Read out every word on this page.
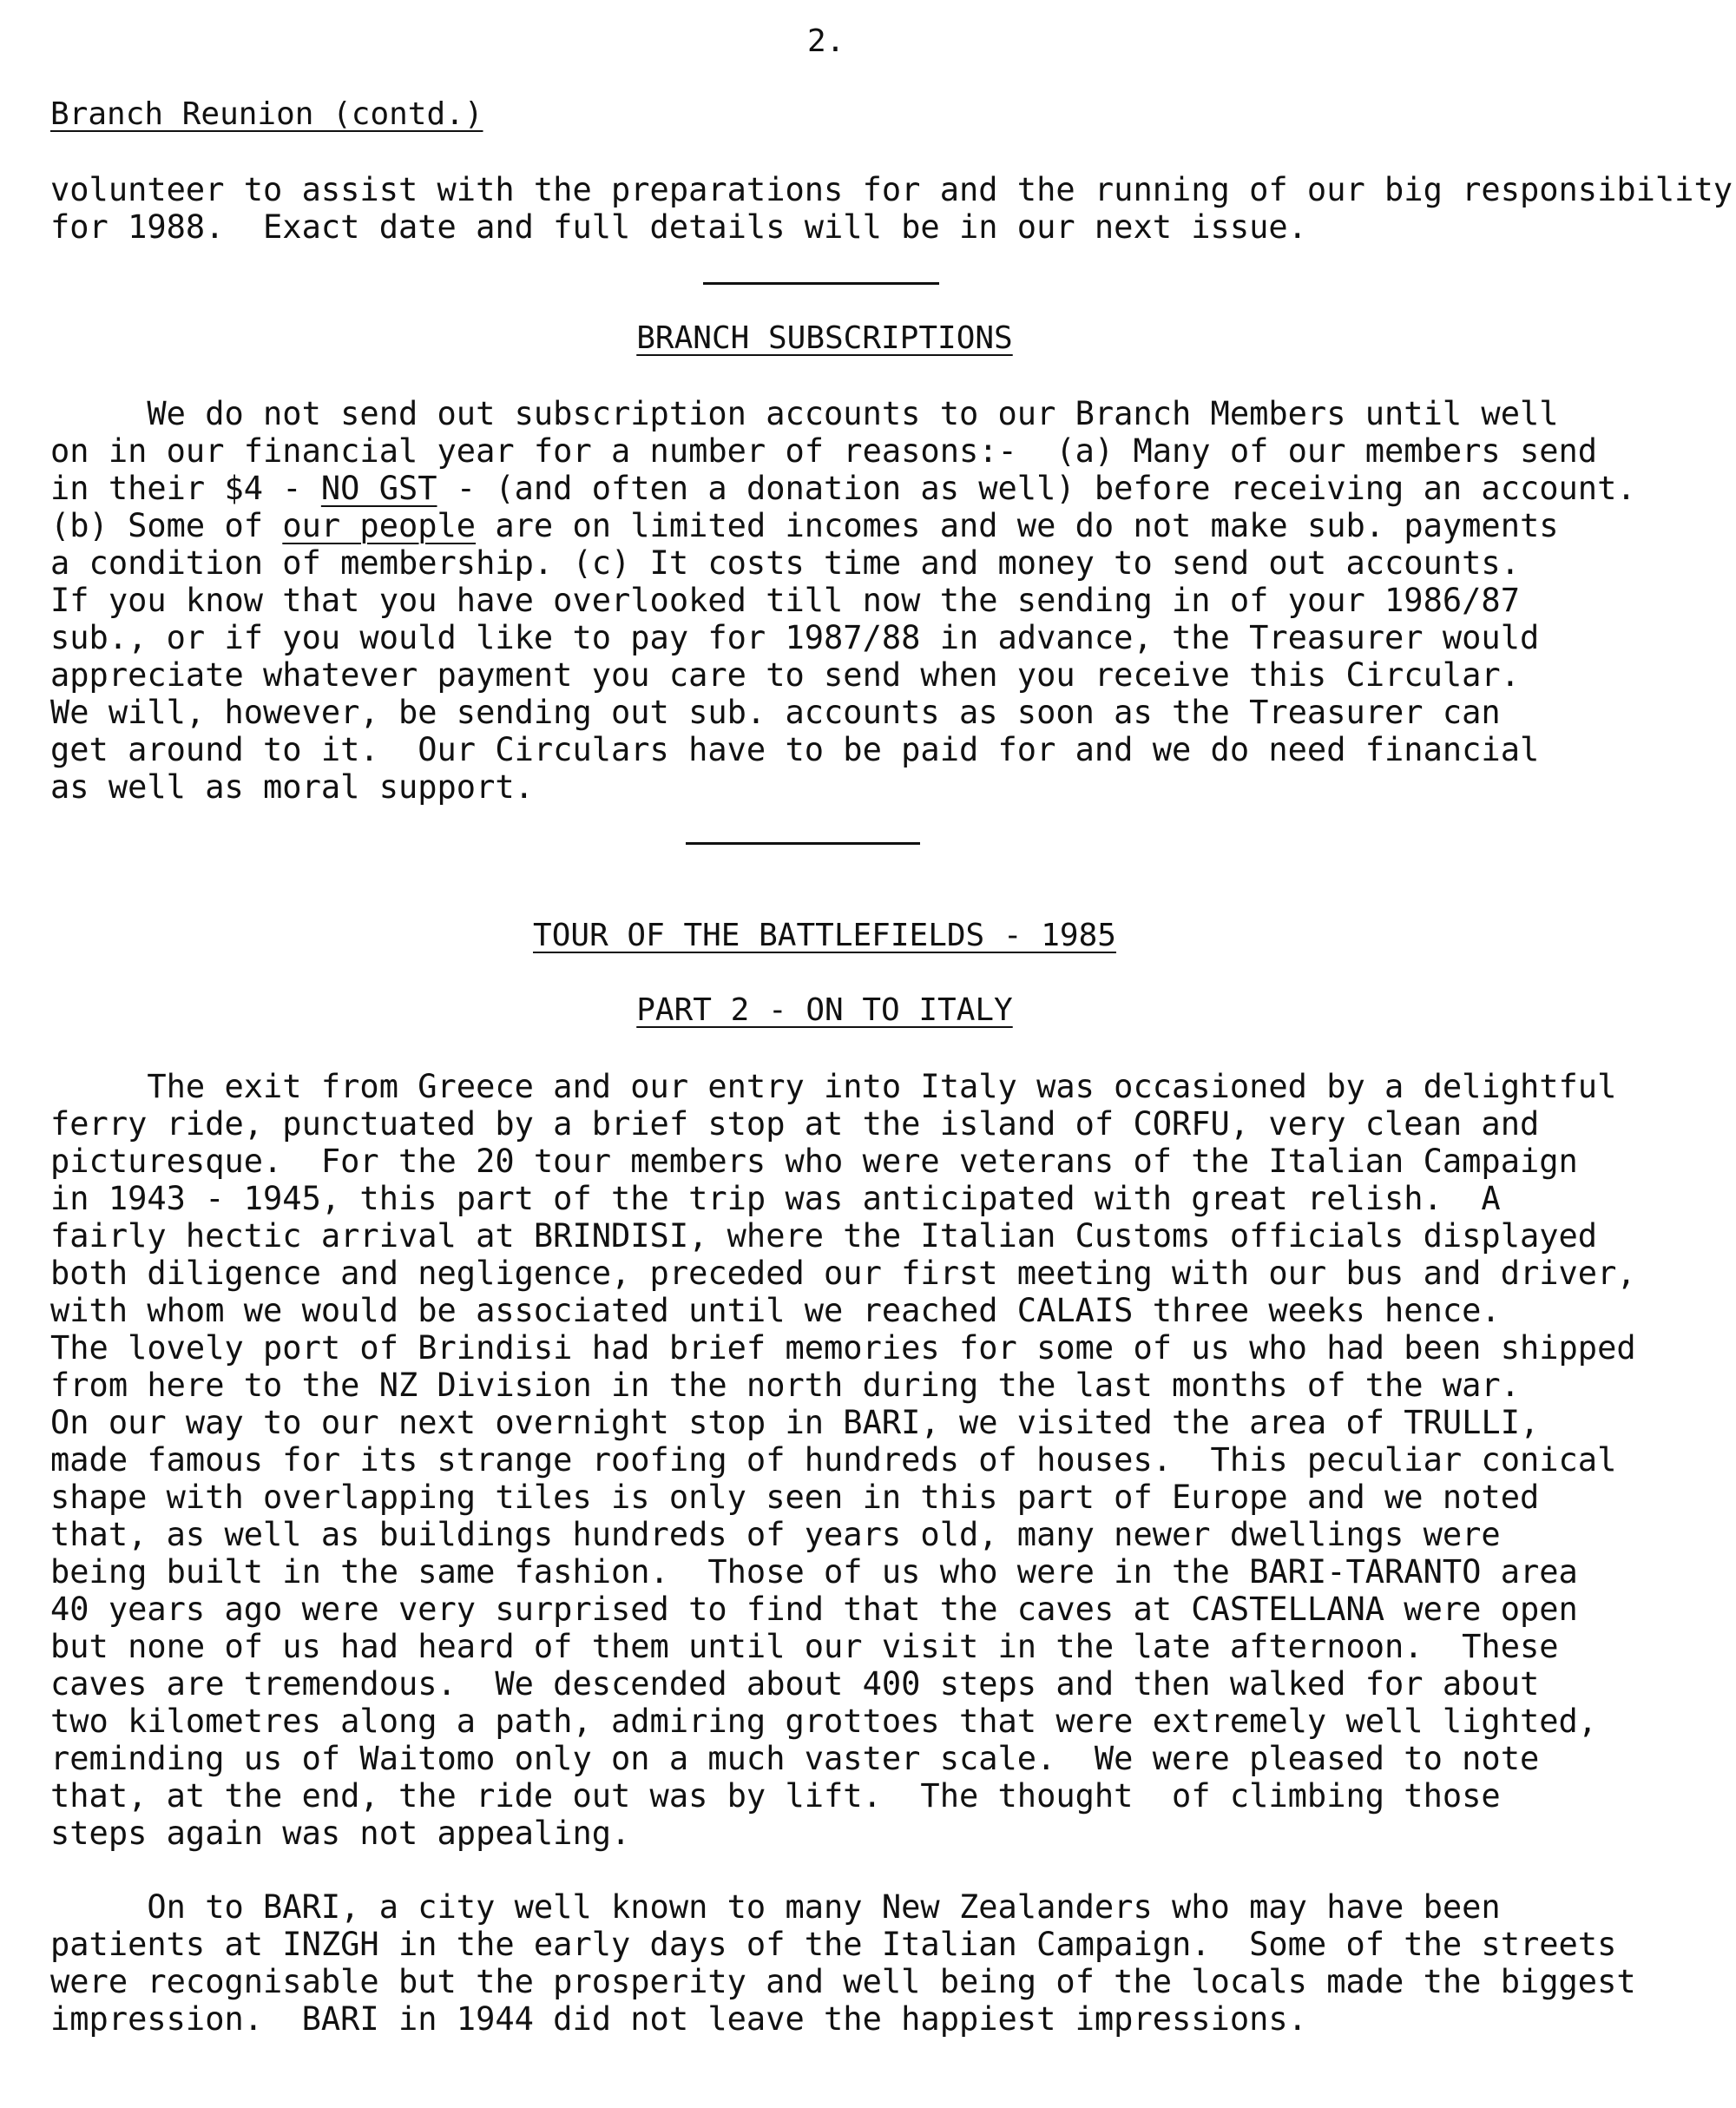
2.
Branch Reunion (contd.)
volunteer to assist with the preparations for and the running of our big responsibility
for 1988.  Exact date and full details will be in our next issue.
BRANCH SUBSCRIPTIONS
We do not send out subscription accounts to our Branch Members until well
on in our financial year for a number of reasons:-  (a) Many of our members send
in their $4 - NO GST - (and often a donation as well) before receiving an account.
(b) Some of our people are on limited incomes and we do not make sub. payments
a condition of membership. (c) It costs time and money to send out accounts.
If you know that you have overlooked till now the sending in of your 1986/87
sub., or if you would like to pay for 1987/88 in advance, the Treasurer would
appreciate whatever payment you care to send when you receive this Circular.
We will, however, be sending out sub. accounts as soon as the Treasurer can
get around to it.  Our Circulars have to be paid for and we do need financial
as well as moral support.
TOUR OF THE BATTLEFIELDS - 1985
PART 2 - ON TO ITALY
The exit from Greece and our entry into Italy was occasioned by a delightful
ferry ride, punctuated by a brief stop at the island of CORFU, very clean and
picturesque.  For the 20 tour members who were veterans of the Italian Campaign
in 1943 - 1945, this part of the trip was anticipated with great relish.  A
fairly hectic arrival at BRINDISI, where the Italian Customs officials displayed
both diligence and negligence, preceded our first meeting with our bus and driver,
with whom we would be associated until we reached CALAIS three weeks hence.
The lovely port of Brindisi had brief memories for some of us who had been shipped
from here to the NZ Division in the north during the last months of the war.
On our way to our next overnight stop in BARI, we visited the area of TRULLI,
made famous for its strange roofing of hundreds of houses.  This peculiar conical
shape with overlapping tiles is only seen in this part of Europe and we noted
that, as well as buildings hundreds of years old, many newer dwellings were
being built in the same fashion.  Those of us who were in the BARI-TARANTO area
40 years ago were very surprised to find that the caves at CASTELLANA were open
but none of us had heard of them until our visit in the late afternoon.  These
caves are tremendous.  We descended about 400 steps and then walked for about
two kilometres along a path, admiring grottoes that were extremely well lighted,
reminding us of Waitomo only on a much vaster scale.  We were pleased to note
that, at the end, the ride out was by lift.  The thought  of climbing those
steps again was not appealing.
On to BARI, a city well known to many New Zealanders who may have been
patients at INZGH in the early days of the Italian Campaign.  Some of the streets
were recognisable but the prosperity and well being of the locals made the biggest
impression.  BARI in 1944 did not leave the happiest impressions.
